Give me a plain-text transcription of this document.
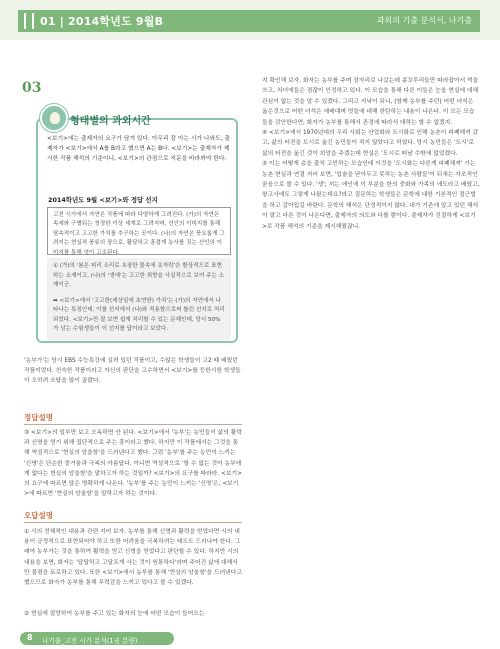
01 | 2014학년도 9월B	과외의 기출 분석서, 나기출
03
<보기>에는 출제자의 요구가 담겨 있다. 아무리 잘 아는 시가 나와도, 출제자가 <보기>에서 A를 B라고 했으면 A는 B다. <보기>는 출제자가 제시한 작품 해석의 기준이니, <보기>의 관점으로 지문을 바라봐야 한다.
2014학년도 9월 <보기>와 정답 선지
고전 시가에서 자연은 작품에 따라 다양하게 그려진다. (가)의 자연은 속세와 구별되는 청정한 이상 세계로 그려지며, 선인의 이미지를 통해 탈속적이고 고고한 가치를 추구하는 곳이다. (나)의 자연은 풍요롭게 그려지는 현실적 풍류의 장으로, 활달하고 흥겹게 농사를 짓는 선인의 이미지를 통해 엿이 고조된다.

① (가)의 '봄은 피리 소리로 초장한 물속에 옷자락'은 환상적으로 표현하는 소재이고, (나)의 '생애'는 고고한 취향을 사실적으로 보여 주는 소재이군.

➡ <보기>에서 '고고한(세상일에 초연한) 가치'는 (가)의 자연에서 나타나는 특징인데, 이를 선지에서 (나)와 적용함으로써 틀린 선지로 처리되었다. <보기>만 잘 보면 쉽게 처리할 수 있는 문제인데, 당시 50%가 넘는 수험생들이 이 선지를 답이라고 보았다.

형태별의 과외시간
'농부가'는 당시 EBS 수능특강에 실려 있던 작품이고, 수많은 학생들이 고2 때 배웠던 작품이었다. 친숙한 작품이라고 자신의 판단을 고수하면서 <보기>를 등한시한 학생들이 오히려 오답을 많이 골랐다.
정답설명
③ <보기>의 일부만 보고 오독하면 안 된다. <보기>에서 '농부'는 농민들이 삶의 활력과 신명을 얻기 위해 집단적으로 주는 흥이라고 했다. 하지만 이 작품에서는 그것을 통해 역설적으로 '현실의 암울함'을 드러낸다고 했다. 그럼 '농부'를 주는 농민이 느끼는 '신명'은 단순한 즐거움과 극복의 아름답다. 아니면 역설적으로 '할 수 없는 것이 농부에게 없다는 현실의 암울함'을 말하고자 하는 것일까? <보기>의 요구를 따라라. <보기>의 요구에 따르면 답은 명확하게 나온다. '농부'를 주는 농민이 느끼는 '신명'은, <보기>에 따르면 '현실의 암울함'을 말하고자 하는 것이다.
오답설명
① 시의 전체적인 내용과 관련 지어 보자. 농부를 통해 신명과 활력을 얻었다면 시의 내용이 긍정적으로 표현되어야 하고 또한 어려움을 극복하려는 태도도 드러나야 한다. 그래야 농부가는 것을 통하여 활력을 얻고 신명을 얻었다고 판단할 수 있다. 하지만 시의 내용을 보면, 화자는 '답답하고 고달프게 사는 것이 원통하다'라며 주어진 삶에 대해서만 불평을 토로하고 있다. 또한 <보기>에서 농부를 통해 '현실의 암울함'을 드러낸다고 했으므로 화자가 농부를 통해 무력감을 느끼고 있다고 볼 수 있겠다.
② 현실에 절망하여 농부를 주고 있는 화자의 눈에 어떤 모습이 들어오는

지 확인해 보자. 화자는 농부를 주며 잠자리로 나갔는데 콩꼬투리들만 따라잡아서 먹을 쓰고, 처녀에들은 점잖이 인정하고 있다. 이 모습을 통해 다른 이들은 눈을 현실에 대해 관심이 없는 것을 알 수 있겠다. 그리고 저녁이 되니, (함께 농부를 주던) 어떤 녀석은 옮은것으로 어떤 녀석은 예배대며 멋들에 대해 한탄하는 내용이 나온다. 이 모든 모습들을 감안한다면, 화자가 농부를 통해서 존경에 따라서 대하는 할 수 없겠지.

④ <보기>에서 1970년대의 우리 사회는 산업화와 도시화로 인해 농촌이 피폐해져 갔고, 삶의 터전을 도시로 옮긴 농민들이 적지 않았다고 하였다. 당시 농민들은 '도시'로 삶의 터전을 옮긴 것이 희망을 주겠는데 현실은 '도시로 떠날 수밖에 없었겠다.

⑤ 이는 어떻게 층을 출처 고민하는 모습인데 이것을 '도시화는 다른게 피폐해져' 가는 농촌 현실과 연결 지어 보면, '입술을 닫아두고 못하는 농촌 사람들'이 되새는 자조적인 꿈음으로 볼 수 있다. '생'; 저는 애인에 이 부분을 한의 중화와 가족의 애도라고 배웠고, 왕고사에도 그렇게 나왔는데요?라고 질문하는 학생들은 문학에 대한 기본적인 접근법을 하고 갈아입길 바란다. 문학의 해석은 단정적이지 않다. 내가 기존에 알고 있던 해석이 말고 다른 것이 나온다면, 출제자의 의도와 다를 뿐이다. 출제자가 진절하게 <보기>로 작품 해석의 기준을 제시해줬잖니.

8 나기출_고전 시가 분석(1권 분량)
